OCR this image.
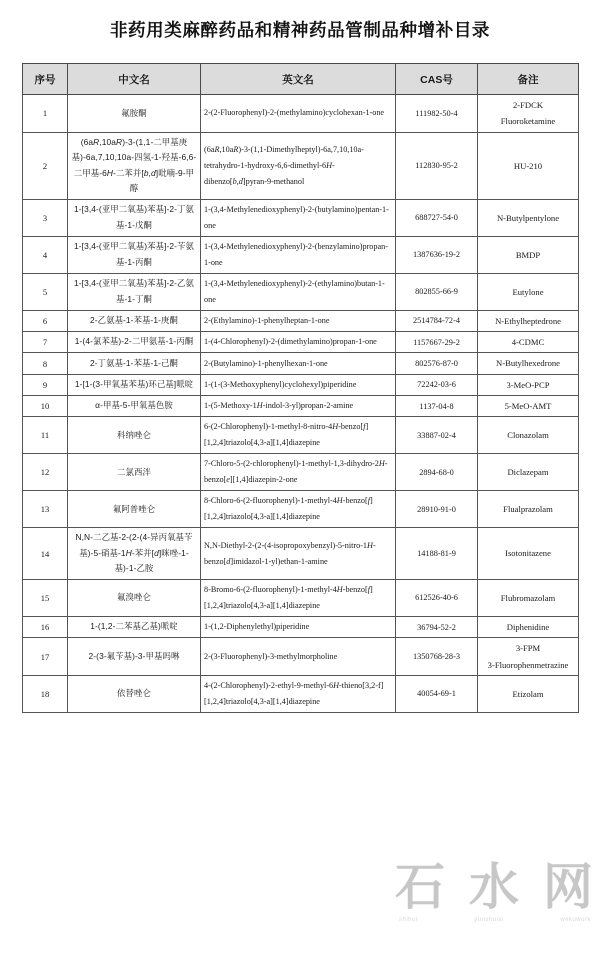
非药用类麻醉药品和精神药品管制品种增补目录
序号	中文名	英文名	CAS号	备注
1	氟胺酮	2-(2-Fluorophenyl)-2-(methylamino)cyclohexan-1-one	111982-50-4	2-FDCK
Fluoroketamine
2	(6aR,10aR)-3-(1,1-二甲基庚基)-6a,7,10,10a-四氢-1-羟基-6,6-二甲基-6H-二苯并[b,d]吡喃-9-甲醇	(6aR,10aR)-3-(1,1-Dimethylheptyl)-6a,7,10,10a-tetrahydro-1-hydroxy-6,6-dimethyl-6H-dibenzo[b,d]pyran-9-methanol	112830-95-2	HU-210
3	1-[3,4-(亚甲二氧基)苯基]-2-丁氨基-1-戊酮	1-(3,4-Methylenedioxyphenyl)-2-(butylamino)pentan-1-one	688727-54-0	N-Butylpentylone
4	1-[3,4-(亚甲二氧基)苯基]-2-苄氨基-1-丙酮	1-(3,4-Methylenedioxyphenyl)-2-(benzylamino)propan-1-one	1387636-19-2	BMDP
5	1-[3,4-(亚甲二氧基)苯基]-2-乙氨基-1-丁酮	1-(3,4-Methylenedioxyphenyl)-2-(ethylamino)butan-1-one	802855-66-9	Eutylone
6	2-乙氨基-1-苯基-1-庚酮	2-(Ethylamino)-1-phenylheptan-1-one	2514784-72-4	N-Ethylheptedrone
7	1-(4-氯苯基)-2-二甲氨基-1-丙酮	1-(4-Chlorophenyl)-2-(dimethylamino)propan-1-one	1157667-29-2	4-CDMC
8	2-丁氨基-1-苯基-1-己酮	2-(Butylamino)-1-phenylhexan-1-one	802576-87-0	N-Butylhexedrone
9	1-[1-(3-甲氧基苯基)环己基]哌啶	1-(1-(3-Methoxyphenyl)cyclohexyl)piperidine	72242-03-6	3-MeO-PCP
10	α-甲基-5-甲氧基色胺	1-(5-Methoxy-1H-indol-3-yl)propan-2-amine	1137-04-8	5-MeO-AMT
11	科纳唑仑	6-(2-Chlorophenyl)-1-methyl-8-nitro-4H-benzo[f][1,2,4]triazolo[4,3-a][1,4]diazepine	33887-02-4	Clonazolam
12	二氯西泮	7-Chloro-5-(2-chlorophenyl)-1-methyl-1,3-dihydro-2H-benzo[e][1,4]diazepin-2-one	2894-68-0	Diclazepam
13	氟阿普唑仑	8-Chloro-6-(2-fluorophenyl)-1-methyl-4H-benzo[f][1,2,4]triazolo[4,3-a][1,4]diazepine	28910-91-0	Flualprazolam
14	N,N-二乙基-2-(2-(4-异丙氧基苄基)-5-硝基-1H-苯并[d]咪唑-1-基)-1-乙胺	N,N-Diethyl-2-(2-(4-isopropoxybenzyl)-5-nitro-1H-benzo[d]imidazol-1-yl)ethan-1-amine	14188-81-9	Isotonitazene
15	氟溴唑仑	8-Bromo-6-(2-fluorophenyl)-1-methyl-4H-benzo[f][1,2,4]triazolo[4,3-a][1,4]diazepine	612526-40-6	Flubromazolam
16	1-(1,2-二苯基乙基)哌啶	1-(1,2-Diphenylethyl)piperidine	36794-52-2	Diphenidine
17	2-(3-氟苄基)-3-甲基吗啉	2-(3-Fluorophenyl)-3-methylmorpholine	1350768-28-3	3-FPM
3-Fluorophenmetrazine
18	依替唑仑	4-(2-Chlorophenyl)-2-ethyl-9-methyl-6H-thieno[3,2-f][1,2,4]triazolo[4,3-a][1,4]diazepine	40054-69-1	Etizolam
石 水 网
shihui	yunshuixi	wekuwork
